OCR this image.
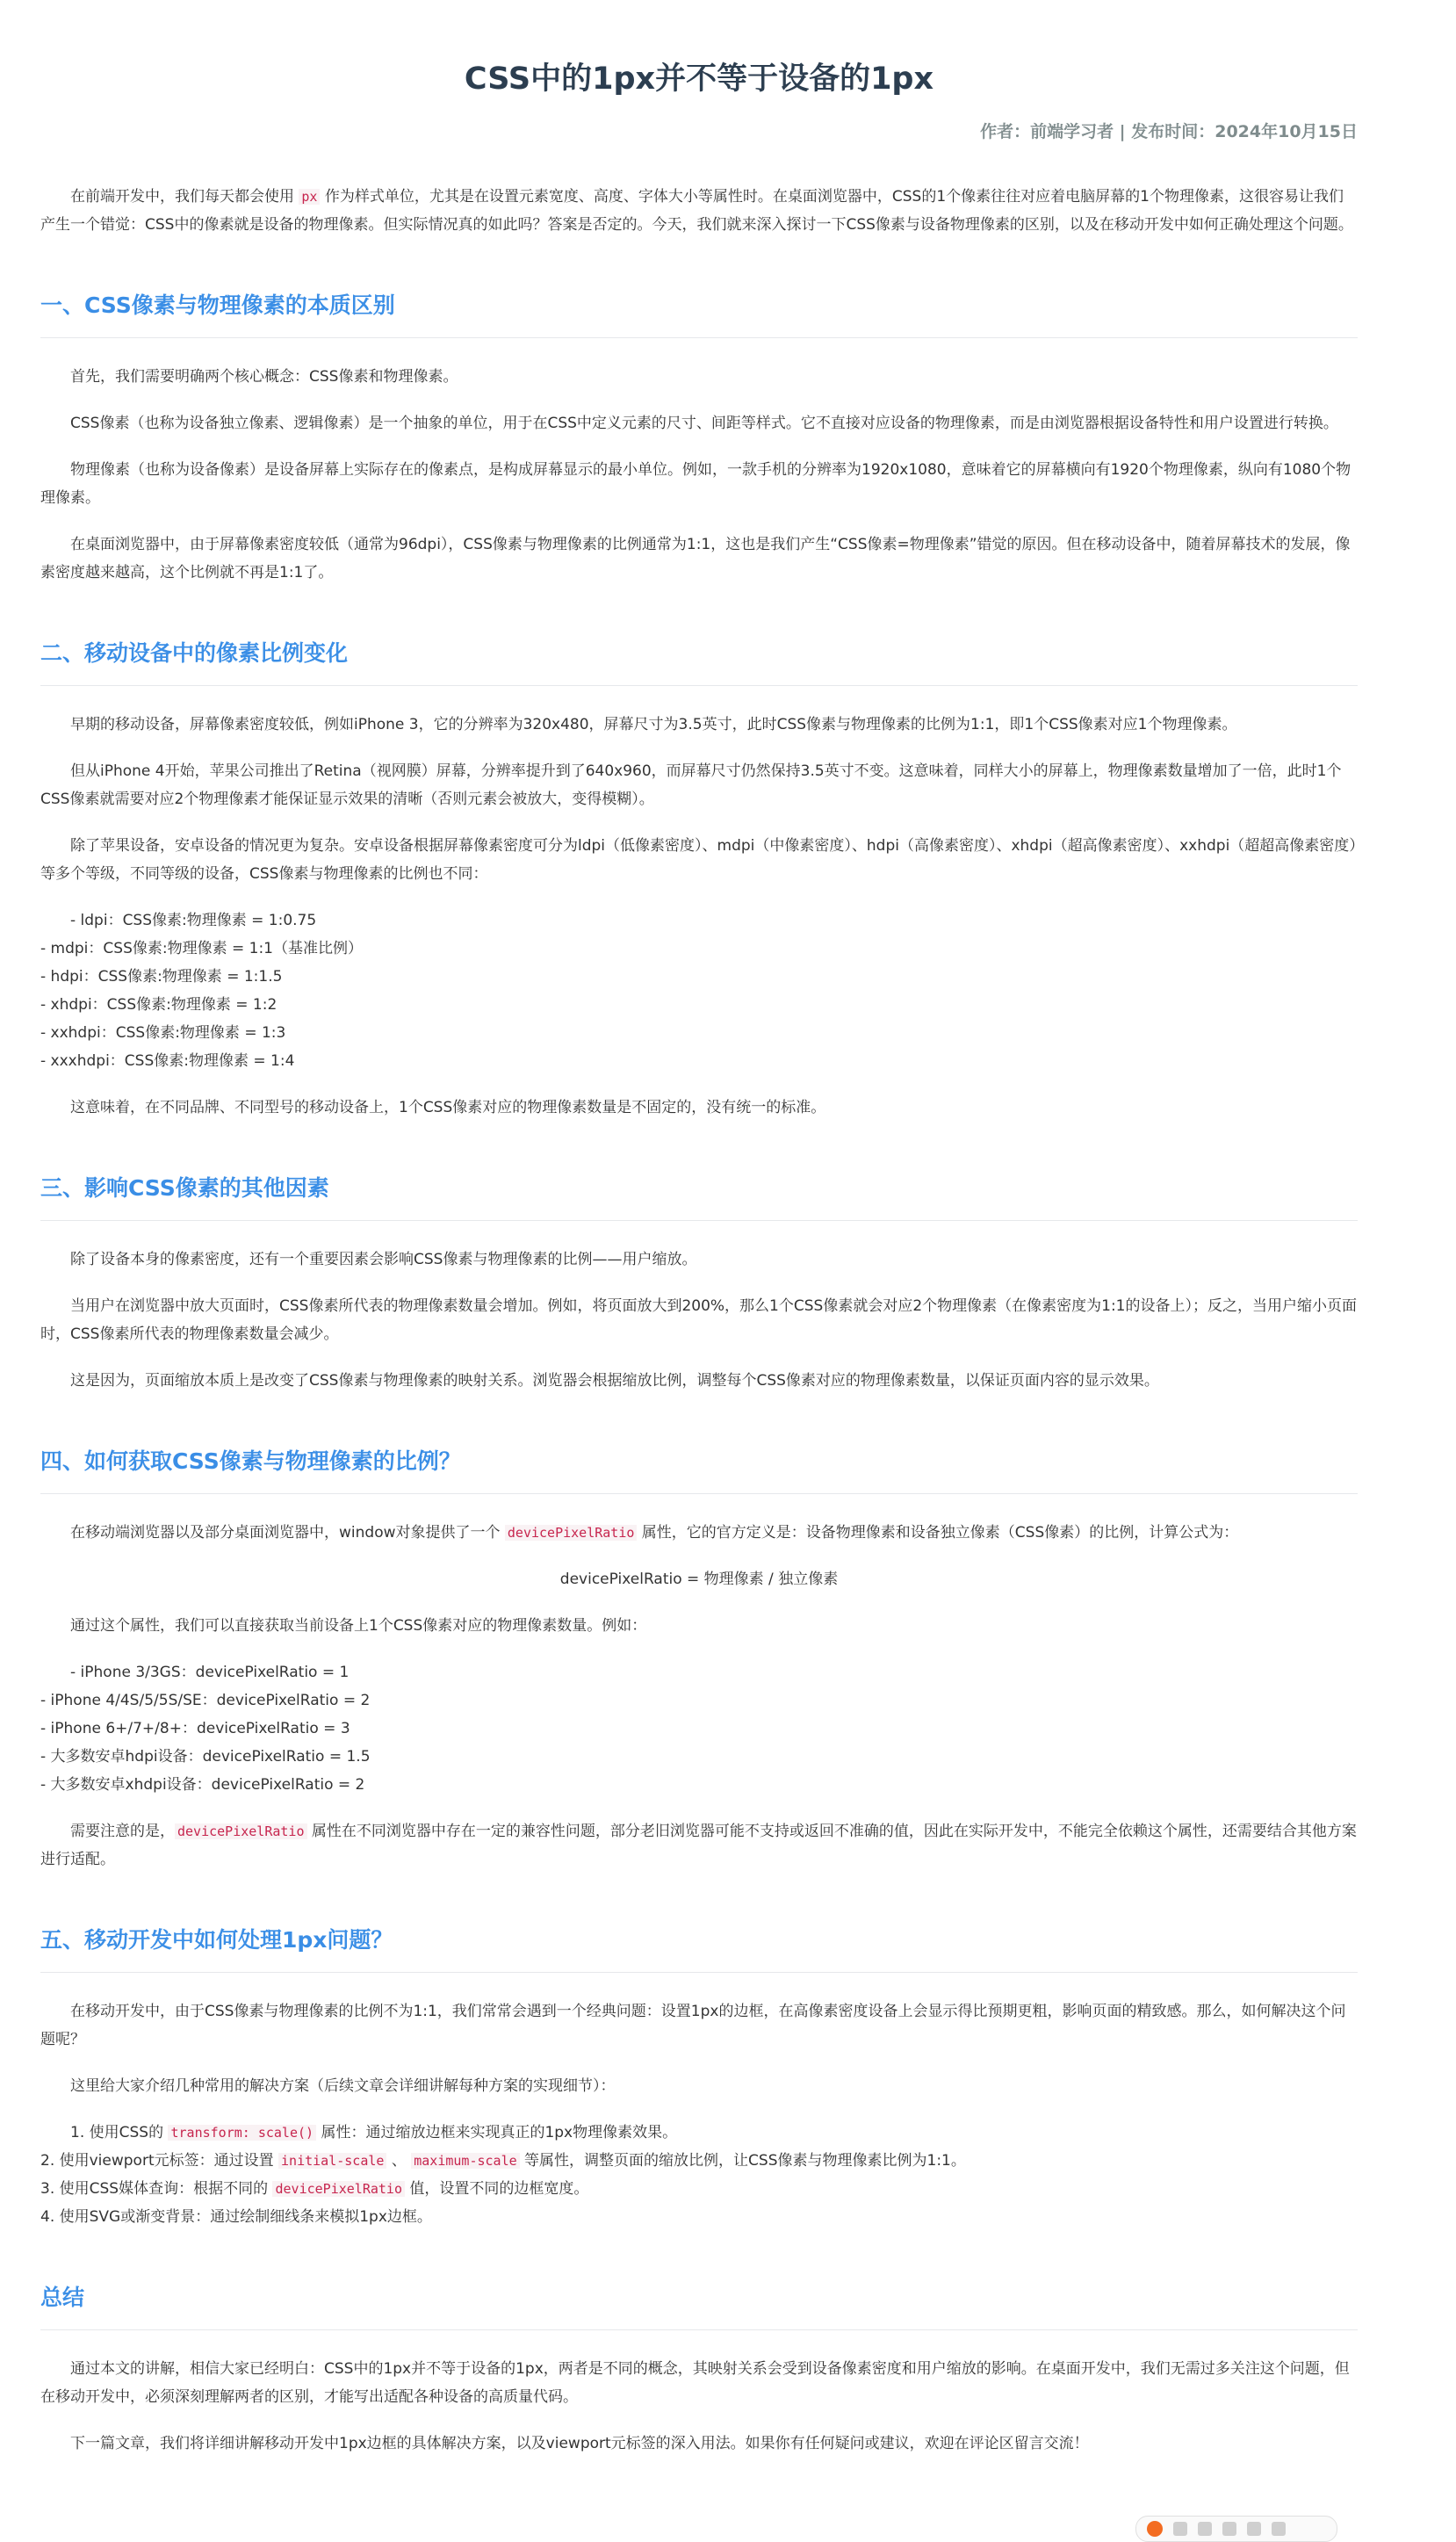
CSS中的1px并不等于设备的1px
作者：前端学习者 | 发布时间：2024年10月15日

在前端开发中，我们每天都会使用 px 作为样式单位，尤其是在设置元素宽度、高度、字体大小等属性时。在桌面浏览器中，CSS的1个像素往往对应着电脑屏幕的1个物理像素，这很容易让我们产生一个错觉：CSS中的像素就是设备的物理像素。但实际情况真的如此吗？答案是否定的。今天，我们就来深入探讨一下CSS像素与设备物理像素的区别，以及在移动开发中如何正确处理这个问题。

一、CSS像素与物理像素的本质区别

首先，我们需要明确两个核心概念：CSS像素和物理像素。

CSS像素（也称为设备独立像素、逻辑像素）是一个抽象的单位，用于在CSS中定义元素的尺寸、间距等样式。它不直接对应设备的物理像素，而是由浏览器根据设备特性和用户设置进行转换。

物理像素（也称为设备像素）是设备屏幕上实际存在的像素点，是构成屏幕显示的最小单位。例如，一款手机的分辨率为1920x1080，意味着它的屏幕横向有1920个物理像素，纵向有1080个物理像素。

在桌面浏览器中，由于屏幕像素密度较低（通常为96dpi），CSS像素与物理像素的比例通常为1:1，这也是我们产生“CSS像素=物理像素”错觉的原因。但在移动设备中，随着屏幕技术的发展，像素密度越来越高，这个比例就不再是1:1了。

二、移动设备中的像素比例变化

早期的移动设备，屏幕像素密度较低，例如iPhone 3，它的分辨率为320x480，屏幕尺寸为3.5英寸，此时CSS像素与物理像素的比例为1:1，即1个CSS像素对应1个物理像素。

但从iPhone 4开始，苹果公司推出了Retina（视网膜）屏幕，分辨率提升到了640x960，而屏幕尺寸仍然保持3.5英寸不变。这意味着，同样大小的屏幕上，物理像素数量增加了一倍，此时1个CSS像素就需要对应2个物理像素才能保证显示效果的清晰（否则元素会被放大，变得模糊）。

除了苹果设备，安卓设备的情况更为复杂。安卓设备根据屏幕像素密度可分为ldpi（低像素密度）、mdpi（中像素密度）、hdpi（高像素密度）、xhdpi（超高像素密度）、xxhdpi（超超高像素密度）等多个等级，不同等级的设备，CSS像素与物理像素的比例也不同：

- ldpi：CSS像素:物理像素 = 1:0.75
- mdpi：CSS像素:物理像素 = 1:1（基准比例）
- hdpi：CSS像素:物理像素 = 1:1.5
- xhdpi：CSS像素:物理像素 = 1:2
- xxhdpi：CSS像素:物理像素 = 1:3
- xxxhdpi：CSS像素:物理像素 = 1:4

这意味着，在不同品牌、不同型号的移动设备上，1个CSS像素对应的物理像素数量是不固定的，没有统一的标准。

三、影响CSS像素的其他因素

除了设备本身的像素密度，还有一个重要因素会影响CSS像素与物理像素的比例——用户缩放。

当用户在浏览器中放大页面时，CSS像素所代表的物理像素数量会增加。例如，将页面放大到200%，那么1个CSS像素就会对应2个物理像素（在像素密度为1:1的设备上）；反之，当用户缩小页面时，CSS像素所代表的物理像素数量会减少。

这是因为，页面缩放本质上是改变了CSS像素与物理像素的映射关系。浏览器会根据缩放比例，调整每个CSS像素对应的物理像素数量，以保证页面内容的显示效果。

四、如何获取CSS像素与物理像素的比例？

在移动端浏览器以及部分桌面浏览器中，window对象提供了一个 devicePixelRatio 属性，它的官方定义是：设备物理像素和设备独立像素（CSS像素）的比例，计算公式为：

devicePixelRatio = 物理像素 / 独立像素

通过这个属性，我们可以直接获取当前设备上1个CSS像素对应的物理像素数量。例如：

- iPhone 3/3GS：devicePixelRatio = 1
- iPhone 4/4S/5/5S/SE：devicePixelRatio = 2
- iPhone 6+/7+/8+：devicePixelRatio = 3
- 大多数安卓hdpi设备：devicePixelRatio = 1.5
- 大多数安卓xhdpi设备：devicePixelRatio = 2

需要注意的是， devicePixelRatio 属性在不同浏览器中存在一定的兼容性问题，部分老旧浏览器可能不支持或返回不准确的值，因此在实际开发中，不能完全依赖这个属性，还需要结合其他方案进行适配。

五、移动开发中如何处理1px问题？

在移动开发中，由于CSS像素与物理像素的比例不为1:1，我们常常会遇到一个经典问题：设置1px的边框，在高像素密度设备上会显示得比预期更粗，影响页面的精致感。那么，如何解决这个问题呢？

这里给大家介绍几种常用的解决方案（后续文章会详细讲解每种方案的实现细节）：

1. 使用CSS的 transform: scale() 属性：通过缩放边框来实现真正的1px物理像素效果。
2. 使用viewport元标签：通过设置 initial-scale 、 maximum-scale 等属性，调整页面的缩放比例，让CSS像素与物理像素比例为1:1。
3. 使用CSS媒体查询：根据不同的 devicePixelRatio 值，设置不同的边框宽度。
4. 使用SVG或渐变背景：通过绘制细线条来模拟1px边框。
总结

通过本文的讲解，相信大家已经明白：CSS中的1px并不等于设备的1px，两者是不同的概念，其映射关系会受到设备像素密度和用户缩放的影响。在桌面开发中，我们无需过多关注这个问题，但在移动开发中，必须深刻理解两者的区别，才能写出适配各种设备的高质量代码。

下一篇文章，我们将详细讲解移动开发中1px边框的具体解决方案，以及viewport元标签的深入用法。如果你有任何疑问或建议，欢迎在评论区留言交流！
